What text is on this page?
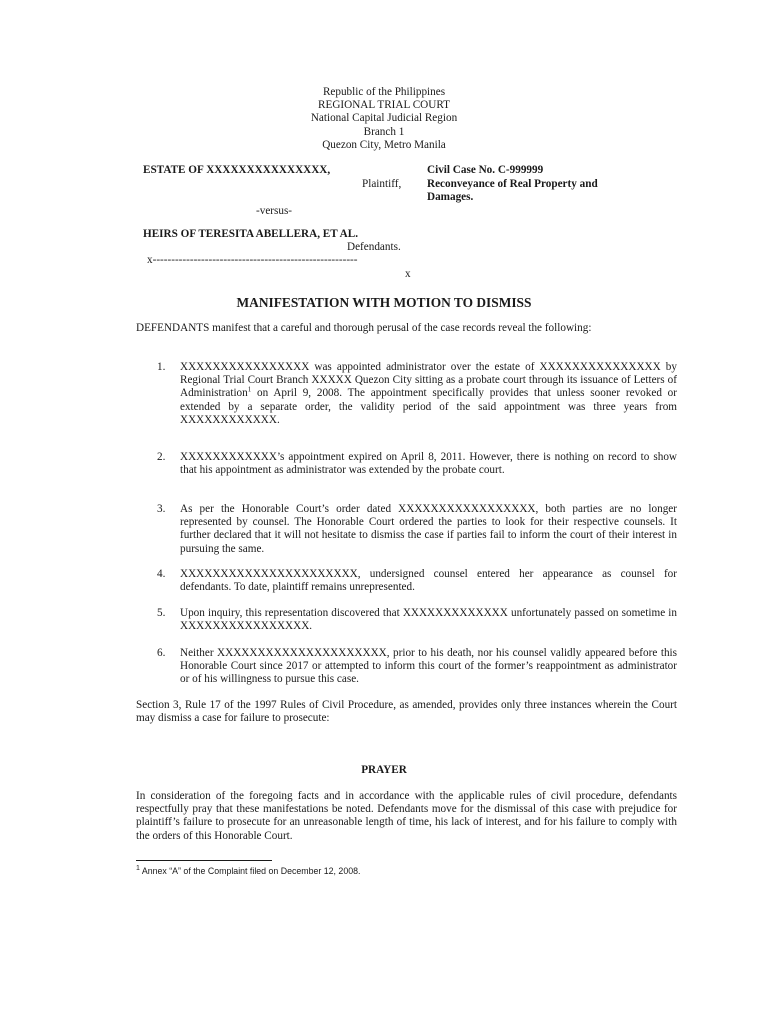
Republic of the Philippines
REGIONAL TRIAL COURT
National Capital Judicial Region
Branch 1
Quezon City, Metro Manila
ESTATE OF XXXXXXXXXXXXXXX,
Plaintiff,
-versus-
HEIRS OF TERESITA ABELLERA, ET AL.
Defendants.
x-------------------------------------------------------
x
Civil Case No. C-999999
Reconveyance of Real Property and
Damages.
MANIFESTATION WITH MOTION TO DISMISS
DEFENDANTS manifest that a careful and thorough perusal of the case records reveal the following:
1.	XXXXXXXXXXXXXXXX was appointed administrator over the estate of XXXXXXXXXXXXXXX by Regional Trial Court Branch XXXXX Quezon City sitting as a probate court through its issuance of Letters of Administration$^1$ on April 9, 2008. The appointment specifically provides that unless sooner revoked or extended by a separate order, the validity period of the said appointment was three years from XXXXXXXXXXXX.
2.	XXXXXXXXXXXX’s appointment expired on April 8, 2011. However, there is nothing on record to show that his appointment as administrator was extended by the probate court.
3.	As per the Honorable Court’s order dated XXXXXXXXXXXXXXXXX, both parties are no longer represented by counsel. The Honorable Court ordered the parties to look for their respective counsels. It further declared that it will not hesitate to dismiss the case if parties fail to inform the court of their interest in pursuing the same.
4.	XXXXXXXXXXXXXXXXXXXXXX, undersigned counsel entered her appearance as counsel for defendants. To date, plaintiff remains unrepresented.
5.	Upon inquiry, this representation discovered that XXXXXXXXXXXXX unfortunately passed on sometime in XXXXXXXXXXXXXXXX.
6.	Neither XXXXXXXXXXXXXXXXXXXXX, prior to his death, nor his counsel validly appeared before this Honorable Court since 2017 or attempted to inform this court of the former’s reappointment as administrator or of his willingness to pursue this case.
Section 3, Rule 17 of the 1997 Rules of Civil Procedure, as amended, provides only three instances wherein the Court may dismiss a case for failure to prosecute:
PRAYER
In consideration of the foregoing facts and in accordance with the applicable rules of civil procedure, defendants respectfully pray that these manifestations be noted. Defendants move for the dismissal of this case with prejudice for plaintiff’s failure to prosecute for an unreasonable length of time, his lack of interest, and for his failure to comply with the orders of this Honorable Court.
$^1$ Annex “A” of the Complaint filed on December 12, 2008.
